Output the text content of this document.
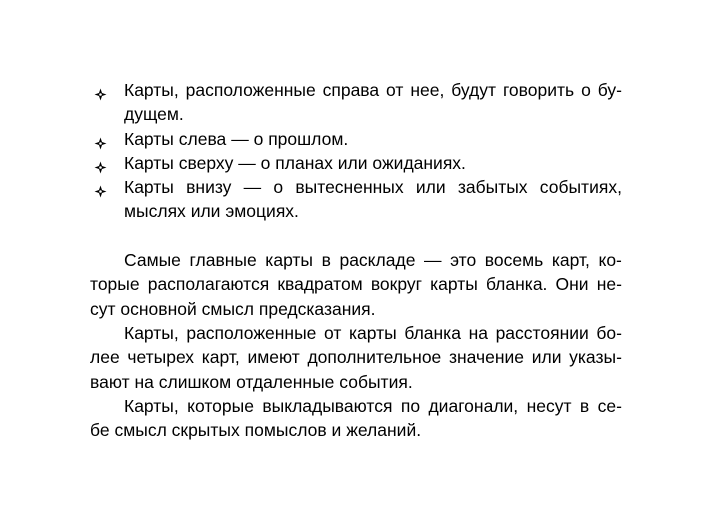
Карты, расположенные справа от нее, будут говорить о бу-
дущем.
Карты слева — о прошлом.
Карты сверху — о планах или ожиданиях.
Карты внизу — о вытесненных или забытых событиях,
мыслях или эмоциях.
Самые главные карты в раскладе — это восемь карт, ко-
торые располагаются квадратом вокруг карты бланка. Они не-
сут основной смысл предсказания.
Карты, расположенные от карты бланка на расстоянии бо-
лее четырех карт, имеют дополнительное значение или указы-
вают на слишком отдаленные события.
Карты, которые выкладываются по диагонали, несут в се-
бе смысл скрытых помыслов и желаний.
